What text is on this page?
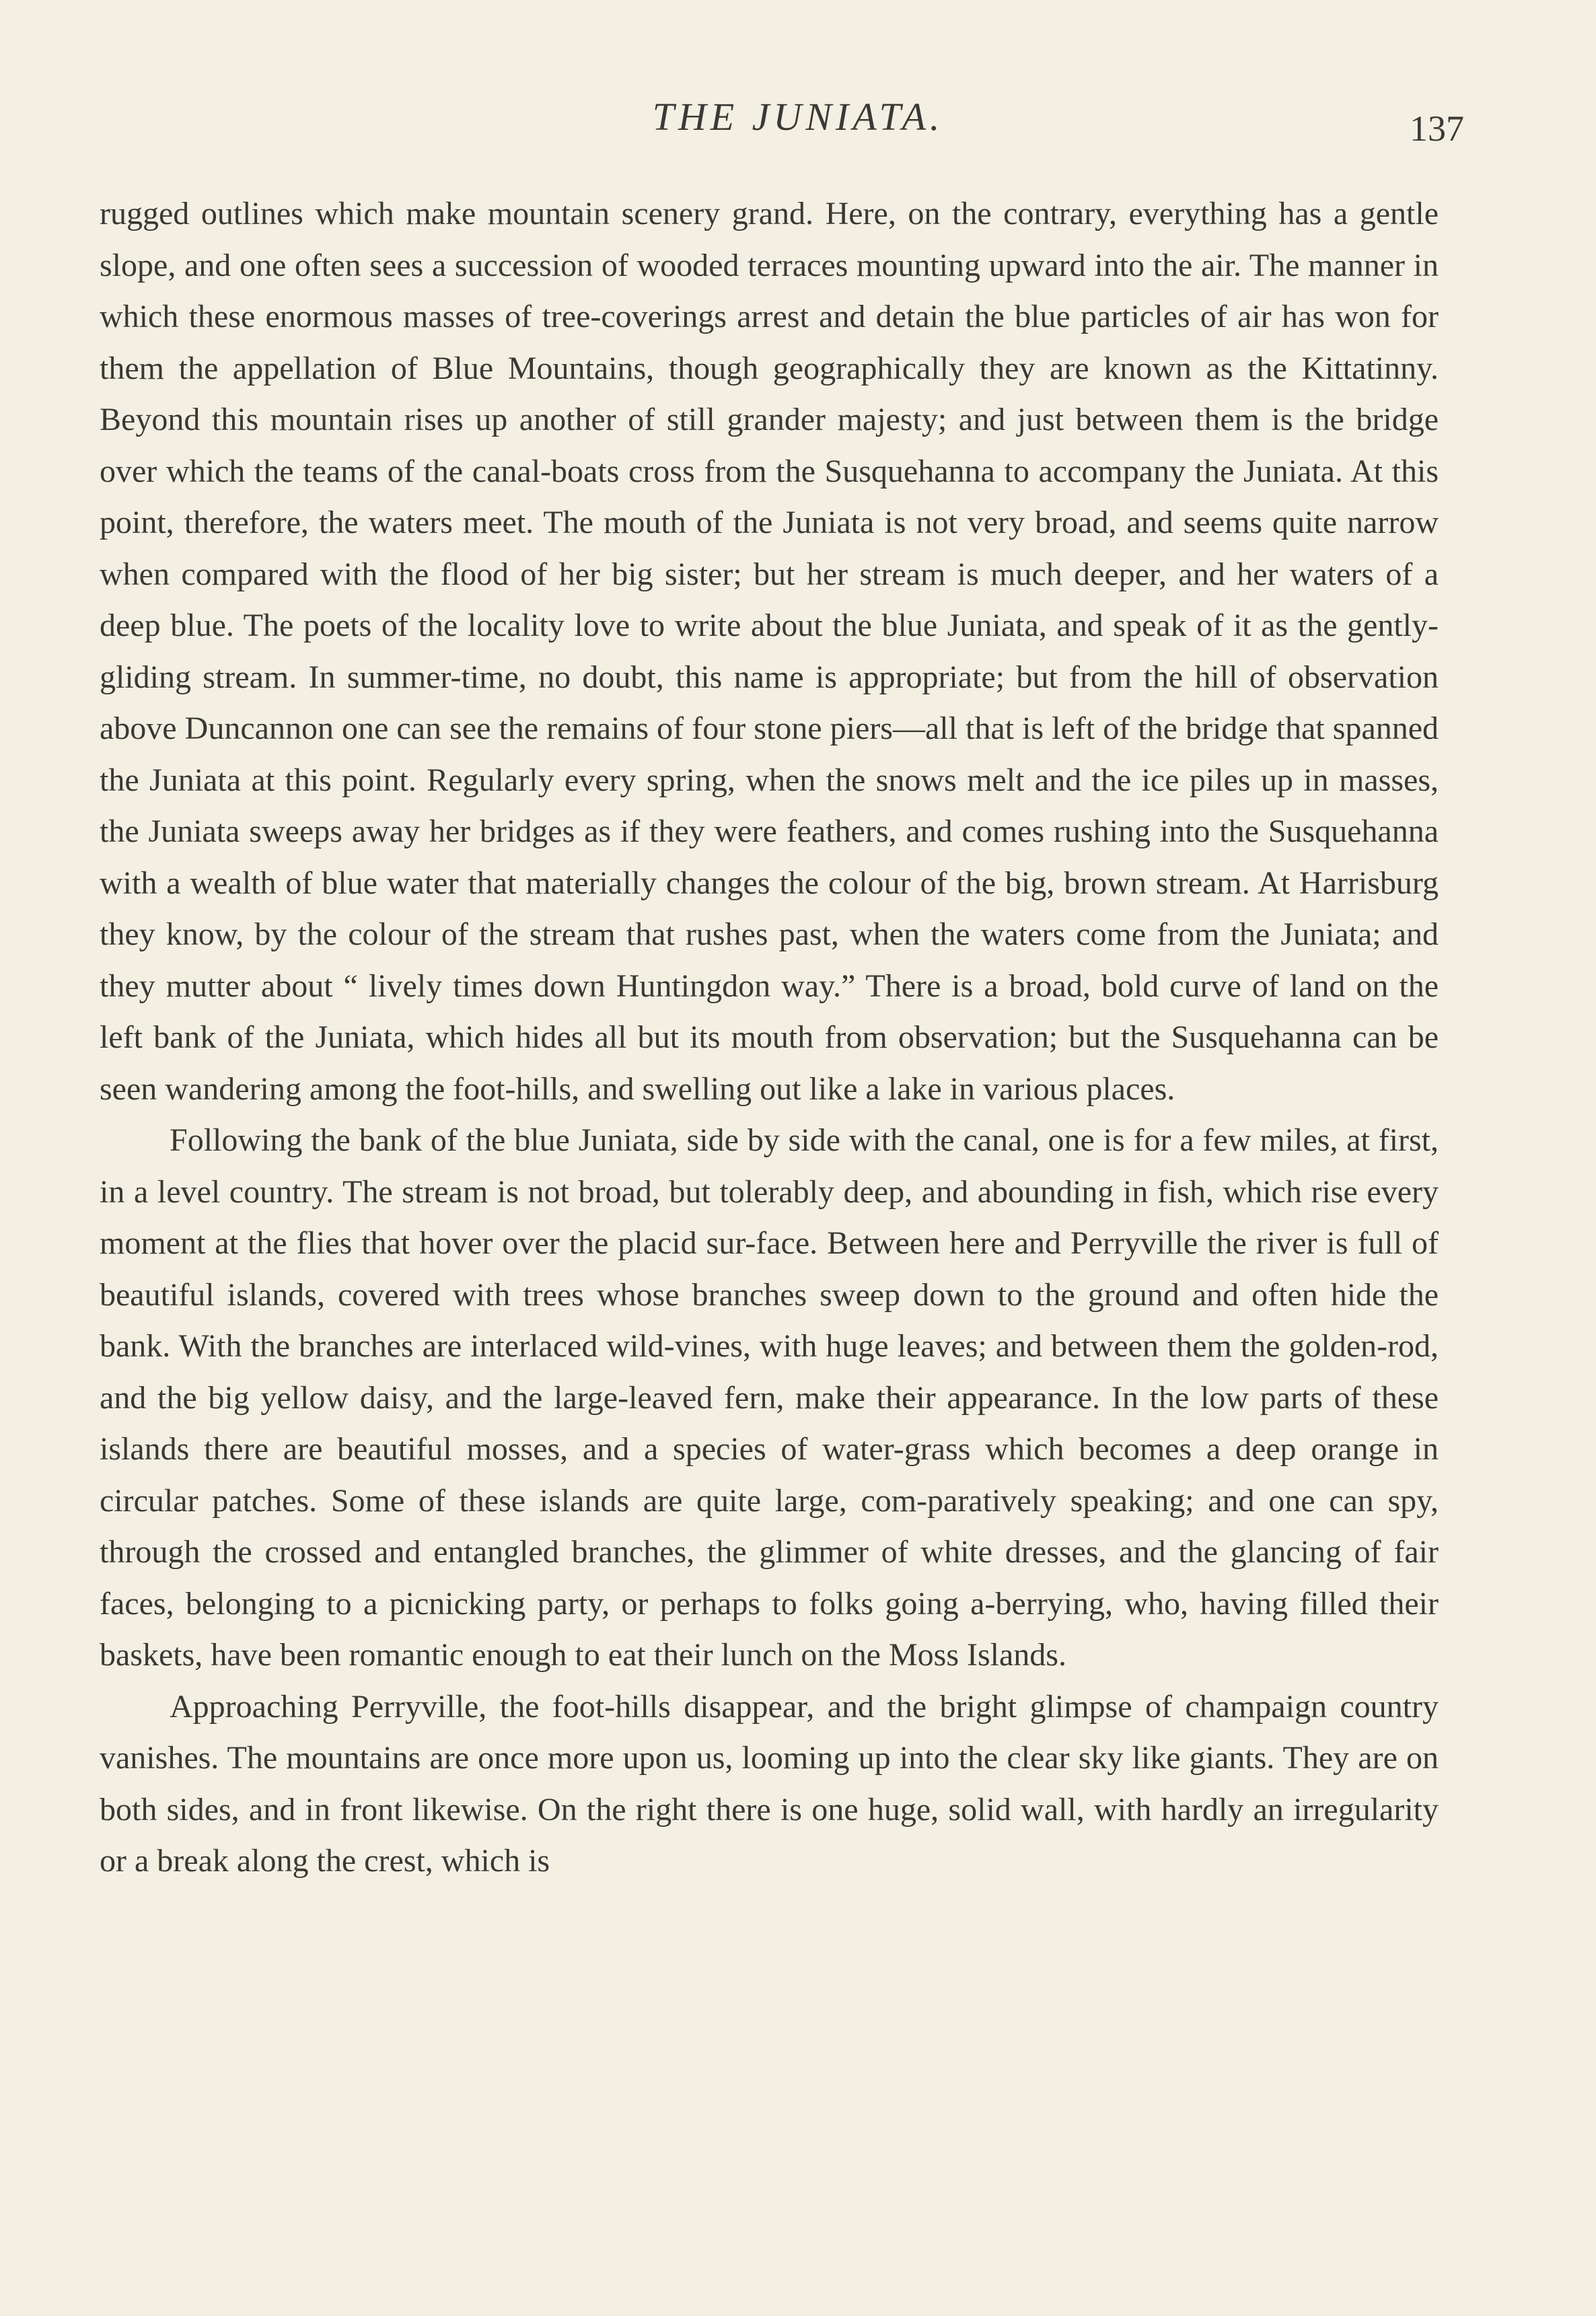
THE JUNIATA.	137

rugged outlines which make mountain scenery grand. Here, on the contrary, everything has a gentle slope, and one often sees a succession of wooded terraces mounting upward into the air. The manner in which these enormous masses of tree-coverings arrest and detain the blue particles of air has won for them the appellation of Blue Mountains, though geographically they are known as the Kittatinny. Beyond this mountain rises up another of still grander majesty; and just between them is the bridge over which the teams of the canal-boats cross from the Susquehanna to accompany the Juniata. At this point, therefore, the waters meet. The mouth of the Juniata is not very broad, and seems quite narrow when compared with the flood of her big sister; but her stream is much deeper, and her waters of a deep blue. The poets of the locality love to write about the blue Juniata, and speak of it as the gently-gliding stream. In summer-time, no doubt, this name is appropriate; but from the hill of observation above Duncannon one can see the remains of four stone piers—all that is left of the bridge that spanned the Juniata at this point. Regularly every spring, when the snows melt and the ice piles up in masses, the Juniata sweeps away her bridges as if they were feathers, and comes rushing into the Susquehanna with a wealth of blue water that materially changes the colour of the big, brown stream. At Harrisburg they know, by the colour of the stream that rushes past, when the waters come from the Juniata; and they mutter about “ lively times down Huntingdon way.” There is a broad, bold curve of land on the left bank of the Juniata, which hides all but its mouth from observation; but the Susquehanna can be seen wandering among the foot-hills, and swelling out like a lake in various places.

Following the bank of the blue Juniata, side by side with the canal, one is for a few miles, at first, in a level country. The stream is not broad, but tolerably deep, and abounding in fish, which rise every moment at the flies that hover over the placid sur-face. Between here and Perryville the river is full of beautiful islands, covered with trees whose branches sweep down to the ground and often hide the bank. With the branches are interlaced wild-vines, with huge leaves; and between them the golden-rod, and the big yellow daisy, and the large-leaved fern, make their appearance. In the low parts of these islands there are beautiful mosses, and a species of water-grass which becomes a deep orange in circular patches. Some of these islands are quite large, com-paratively speaking; and one can spy, through the crossed and entangled branches, the glimmer of white dresses, and the glancing of fair faces, belonging to a picnicking party, or perhaps to folks going a-berrying, who, having filled their baskets, have been romantic enough to eat their lunch on the Moss Islands.

Approaching Perryville, the foot-hills disappear, and the bright glimpse of champaign country vanishes. The mountains are once more upon us, looming up into the clear sky like giants. They are on both sides, and in front likewise. On the right there is one huge, solid wall, with hardly an irregularity or a break along the crest, which is
